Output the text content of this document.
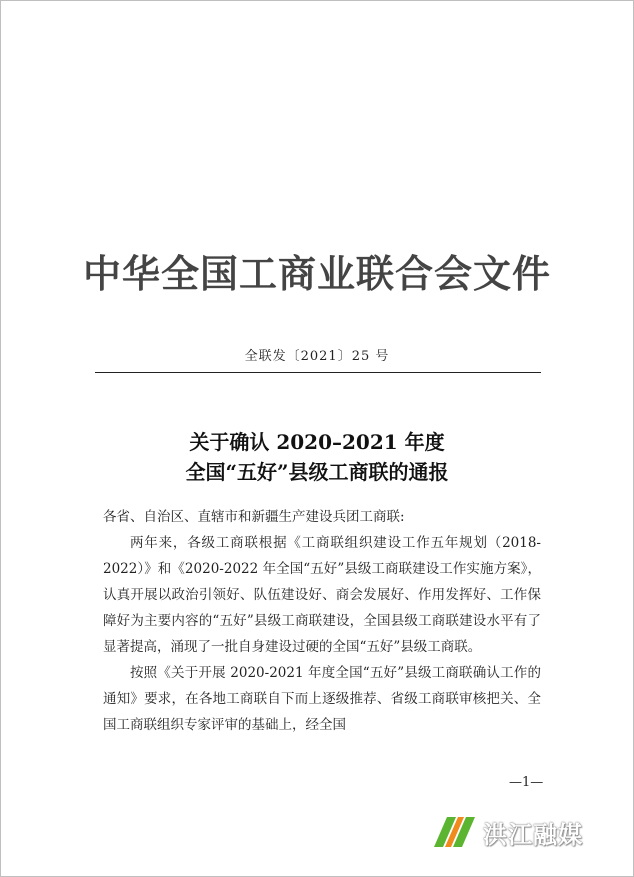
中华全国工商业联合会文件
全联发〔2021〕25 号
关于确认 2020–2021 年度
全国“五好”县级工商联的通报

各省、自治区、直辖市和新疆生产建设兵团工商联:

两年来，各级工商联根据《工商联组织建设工作五年规划（2018-2022）》和《2020-2022 年全国“五好”县级工商联建设工作实施方案》，认真开展以政治引领好、队伍建设好、商会发展好、作用发挥好、工作保障好为主要内容的“五好”县级工商联建设，全国县级工商联建设水平有了显著提高，涌现了一批自身建设过硬的全国“五好”县级工商联。

按照《关于开展 2020-2021 年度全国“五好”县级工商联确认工作的通知》要求，在各地工商联自下而上逐级推荐、省级工商联审核把关、全国工商联组织专家评审的基础上，经全国

—1—
洪江融媒
